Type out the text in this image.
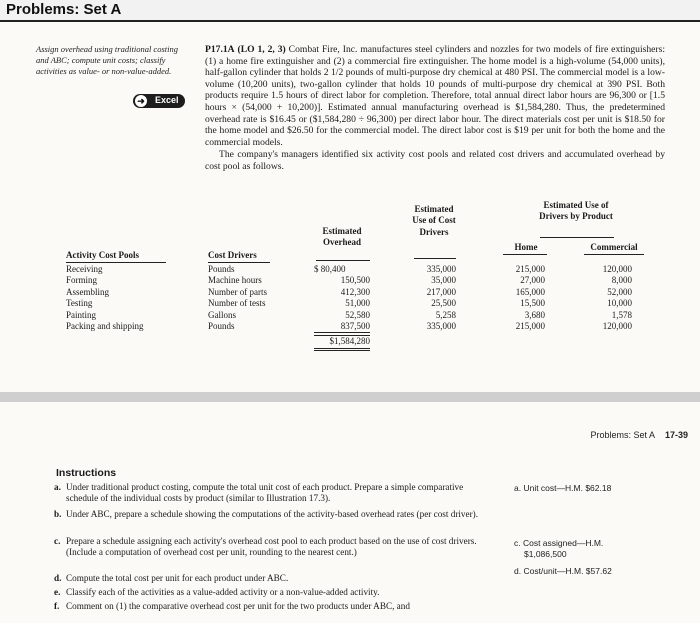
Problems: Set A
Assign overhead using traditional costing and ABC; compute unit costs; classify activities as value- or non-value-added.
➜ Excel
P17.1A (LO 1, 2, 3) Combat Fire, Inc. manufactures steel cylinders and nozzles for two models of fire extinguishers: (1) a home fire extinguisher and (2) a commercial fire extinguisher. The home model is a high-volume (54,000 units), half-gallon cylinder that holds 2 1/2 pounds of multi-purpose dry chemical at 480 PSI. The commercial model is a low-volume (10,200 units), two-gallon cylinder that holds 10 pounds of multi-purpose dry chemical at 390 PSI. Both products require 1.5 hours of direct labor for completion. Therefore, total annual direct labor hours are 96,300 or [1.5 hours × (54,000 + 10,200)]. Estimated annual manufacturing overhead is $1,584,280. Thus, the predetermined overhead rate is $16.45 or ($1,584,280 ÷ 96,300) per direct labor hour. The direct materials cost per unit is $18.50 for the home model and $26.50 for the commercial model. The direct labor cost is $19 per unit for both the home and the commercial models.
The company's managers identified six activity cost pools and related cost drivers and accumulated overhead by cost pool as follows.
Activity Cost Pools	Cost Drivers
Estimated Overhead
Estimated Use of Cost Drivers
Estimated Use of Drivers by Product
Home	Commercial
Receiving
Forming
Assembling
Testing
Painting
Packing and shipping
Pounds
Machine hours
Number of parts
Number of tests
Gallons
Pounds
$ 80,400
150,500
412,300
51,000
52,580
837,500
$1,584,280
335,000
35,000
217,000
25,500
5,258
335,000
215,000
27,000
165,000
15,500
3,680
215,000
120,000
8,000
52,000
10,000
1,578
120,000
Problems: Set A 17-39
Instructions
a. Under traditional product costing, compute the total unit cost of each product. Prepare a simple comparative schedule of the individual costs by product (similar to Illustration 17.3).
b. Under ABC, prepare a schedule showing the computations of the activity-based overhead rates (per cost driver).
c. Prepare a schedule assigning each activity's overhead cost pool to each product based on the use of cost drivers. (Include a computation of overhead cost per unit, rounding to the nearest cent.)
d. Compute the total cost per unit for each product under ABC.
e. Classify each of the activities as a value-added activity or a non-value-added activity.
f. Comment on (1) the comparative overhead cost per unit for the two products under ABC, and
a. Unit cost—H.M. $62.18
c. Cost assigned—H.M.
$1,086,500
d. Cost/unit—H.M. $57.62
